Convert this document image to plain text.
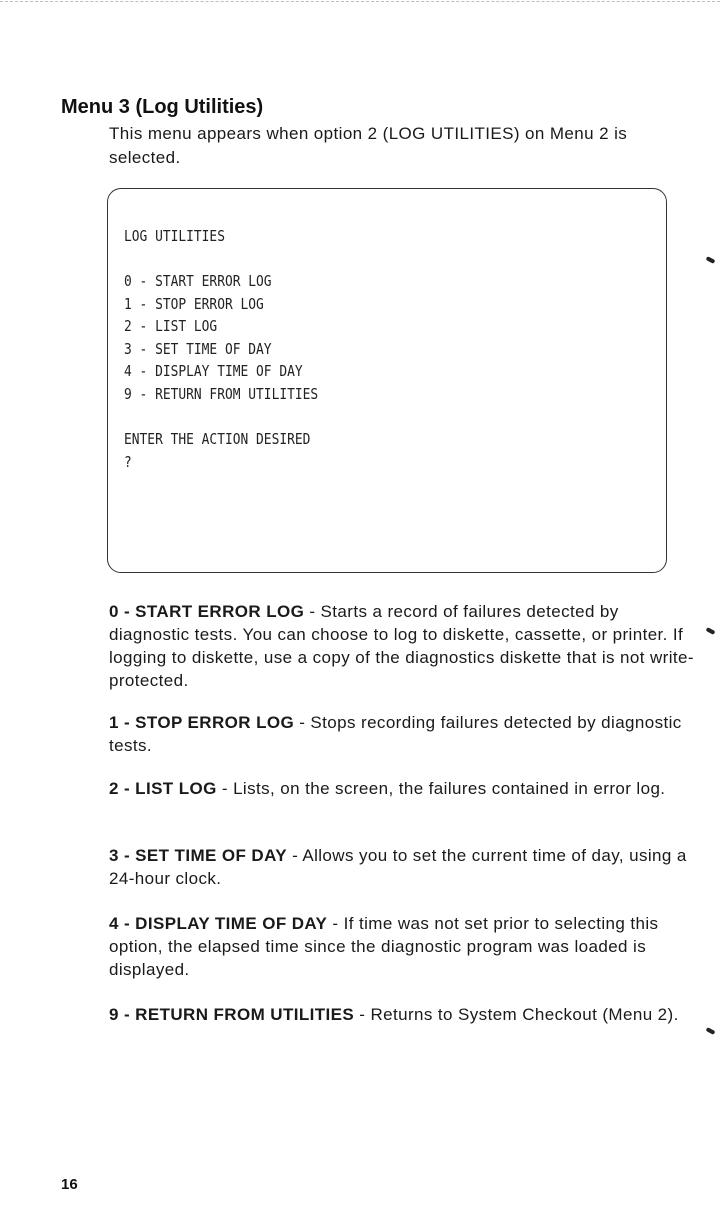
Menu 3 (Log Utilities)

This menu appears when option 2 (LOG UTILITIES) on Menu 2 is selected.

LOG UTILITIES
0 - START ERROR LOG
1 - STOP ERROR LOG
2 - LIST LOG
3 - SET TIME OF DAY
4 - DISPLAY TIME OF DAY
9 - RETURN FROM UTILITIES
ENTER THE ACTION DESIRED
?

0 - START ERROR LOG - Starts a record of failures detected by diagnostic tests. You can choose to log to diskette, cassette, or printer. If logging to diskette, use a copy of the diagnostics diskette that is not write-protected.

1 - STOP ERROR LOG - Stops recording failures detected by diagnostic tests.

2 - LIST LOG - Lists, on the screen, the failures contained in error log.

3 - SET TIME OF DAY - Allows you to set the current time of day, using a 24-hour clock.

4 - DISPLAY TIME OF DAY - If time was not set prior to selecting this option, the elapsed time since the diagnostic program was loaded is displayed.

9 - RETURN FROM UTILITIES - Returns to System Checkout (Menu 2).

16
